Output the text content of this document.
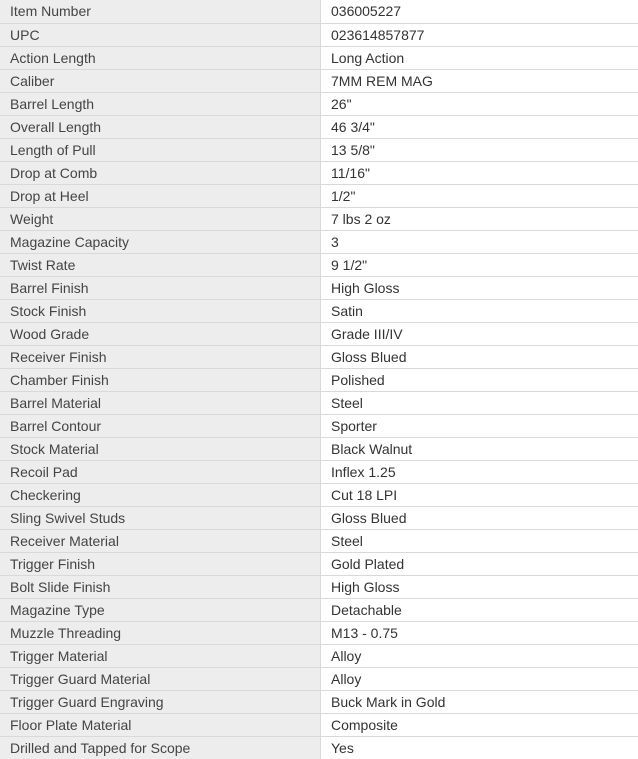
Item Number	036005227
UPC	023614857877
Action Length	Long Action
Caliber	7MM REM MAG
Barrel Length	26"
Overall Length	46 3/4"
Length of Pull	13 5/8"
Drop at Comb	11/16"
Drop at Heel	1/2"
Weight	7 lbs 2 oz
Magazine Capacity	3
Twist Rate	9 1/2"
Barrel Finish	High Gloss
Stock Finish	Satin
Wood Grade	Grade III/IV
Receiver Finish	Gloss Blued
Chamber Finish	Polished
Barrel Material	Steel
Barrel Contour	Sporter
Stock Material	Black Walnut
Recoil Pad	Inflex 1.25
Checkering	Cut 18 LPI
Sling Swivel Studs	Gloss Blued
Receiver Material	Steel
Trigger Finish	Gold Plated
Bolt Slide Finish	High Gloss
Magazine Type	Detachable
Muzzle Threading	M13 - 0.75
Trigger Material	Alloy
Trigger Guard Material	Alloy
Trigger Guard Engraving	Buck Mark in Gold
Floor Plate Material	Composite
Drilled and Tapped for Scope	Yes
